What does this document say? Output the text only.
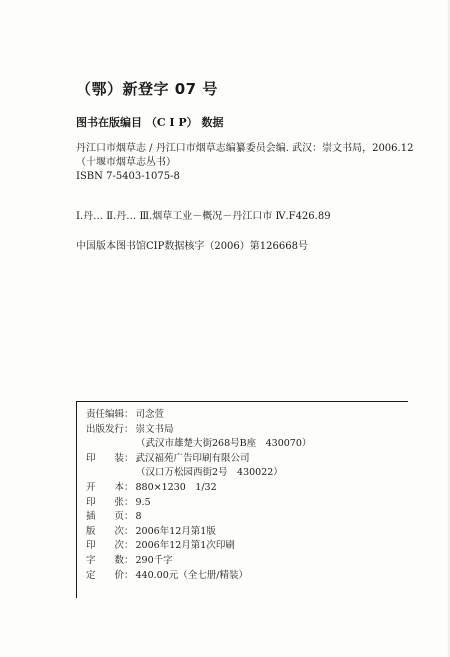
（鄂）新登字 07 号
图书在版编目 （C I P） 数据
丹江口市烟草志 / 丹江口市烟草志编纂委员会编. 武汉：崇文书局，2006.12
（十堰市烟草志丛书）
ISBN 7-5403-1075-8
Ⅰ.丹… Ⅱ.丹… Ⅲ.烟草工业－概况－丹江口市 Ⅳ.F426.89
中国版本图书馆CIP数据核字（2006）第126668号
责任编辑： 司念萱
出版发行： 崇文书局
（武汉市雄楚大街268号B座　430070）
印　　装： 武汉福苑广告印刷有限公司
（汉口万松园西街2号　430022）
开　　本： 880×1230　1/32
印　　张： 9.5
插　　页： 8
版　　次： 2006年12月第1版
印　　次： 2006年12月第1次印刷
字　　数： 290千字
定　　价： 440.00元（全七册/精装）
